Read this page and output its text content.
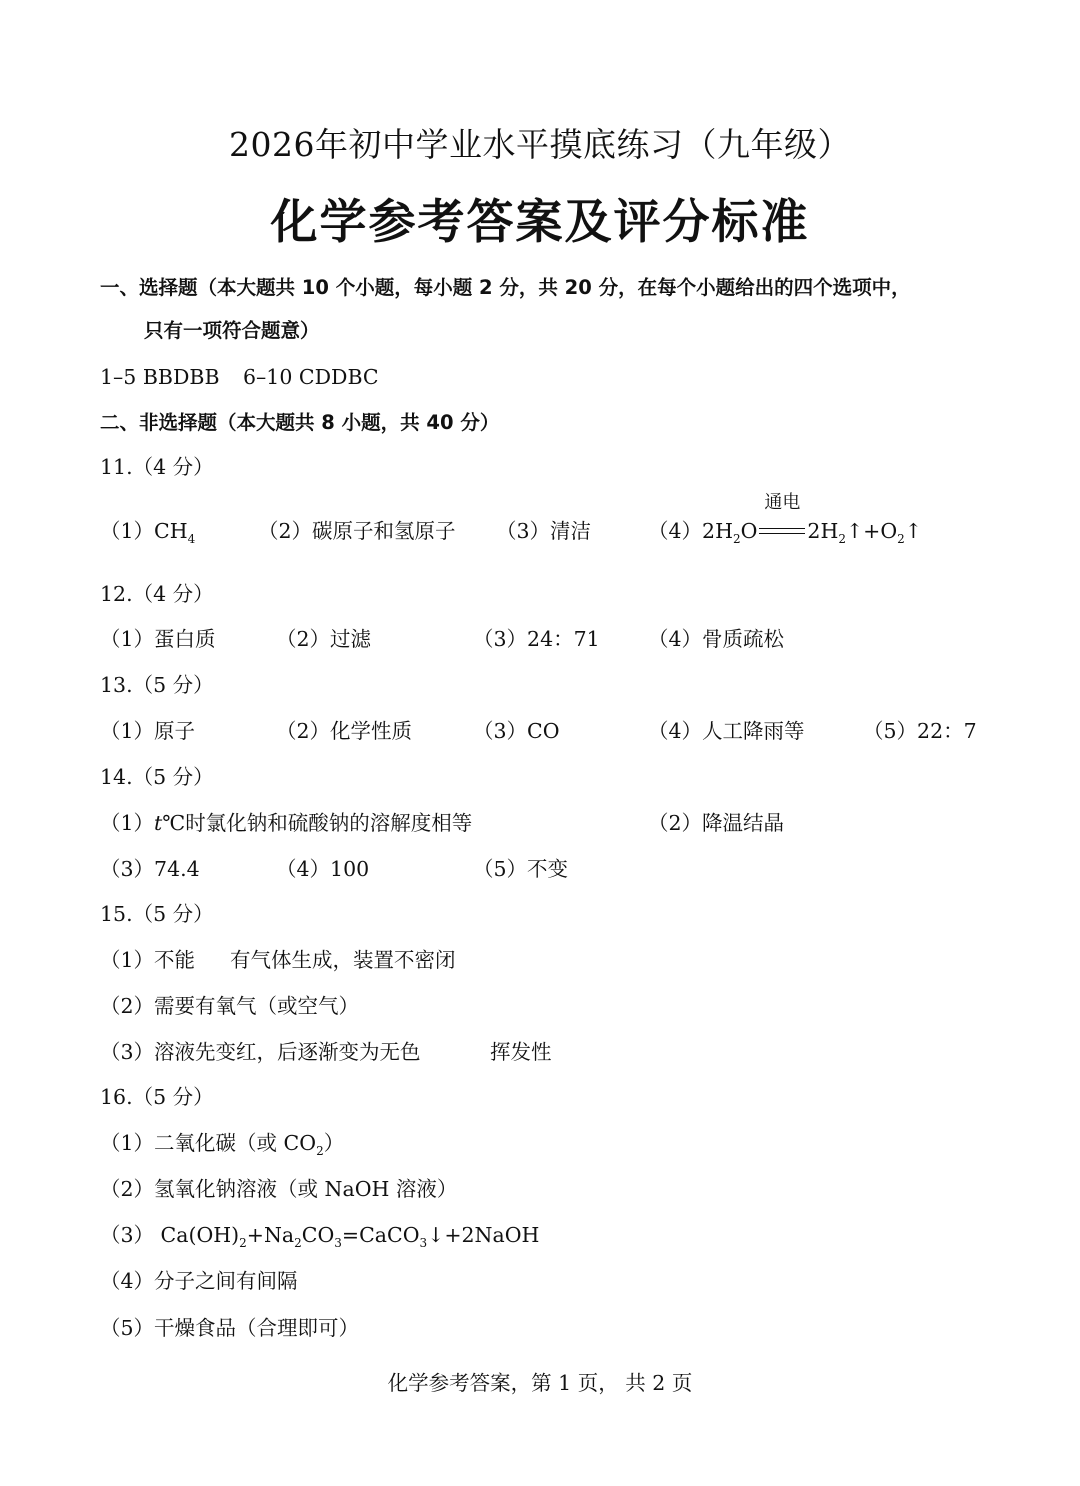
2026年初中学业水平摸底练习（九年级）
化学参考答案及评分标准
一、选择题（本大题共 10 个小题，每小题 2 分，共 20 分，在每个小题给出的四个选项中，
只有一项符合题意）
1–5 BBDBB 6–10 CDDBC
二、非选择题（本大题共 8 小题，共 40 分）
11.（4 分）
$(1)CH_4$	（2）碳原子和氢原子 （3）清洁	$(4)2H_2O$
通电
$2H_2↑+O_2↑$
12.（4 分）
（1）蛋白质	（2）过滤	（3）24：71 （4）骨质疏松
13.（5 分）
（1）原子	（2）化学性质	（3）CO	（4）人工降雨等	（5）22：7
14.（5 分）
（1）t℃时氯化钠和硫酸钠的溶解度相等	（2）降温结晶
（3）74.4	（4）100	（5）不变
15.（5 分）
（1）不能 有气体生成，装置不密闭
（2）需要有氧气（或空气）
（3）溶液先变红，后逐渐变为无色	挥发性
16.（5 分）
（1）二氧化碳（或 $CO_2$）
（2）氢氧化钠溶液（或 NaOH 溶液）
（3） $Ca(OH)_2+Na_2CO_3=CaCO_3↓+2NaOH$
（4）分子之间有间隔
（5）干燥食品（合理即可）
化学参考答案，第 1 页， 共 2 页
